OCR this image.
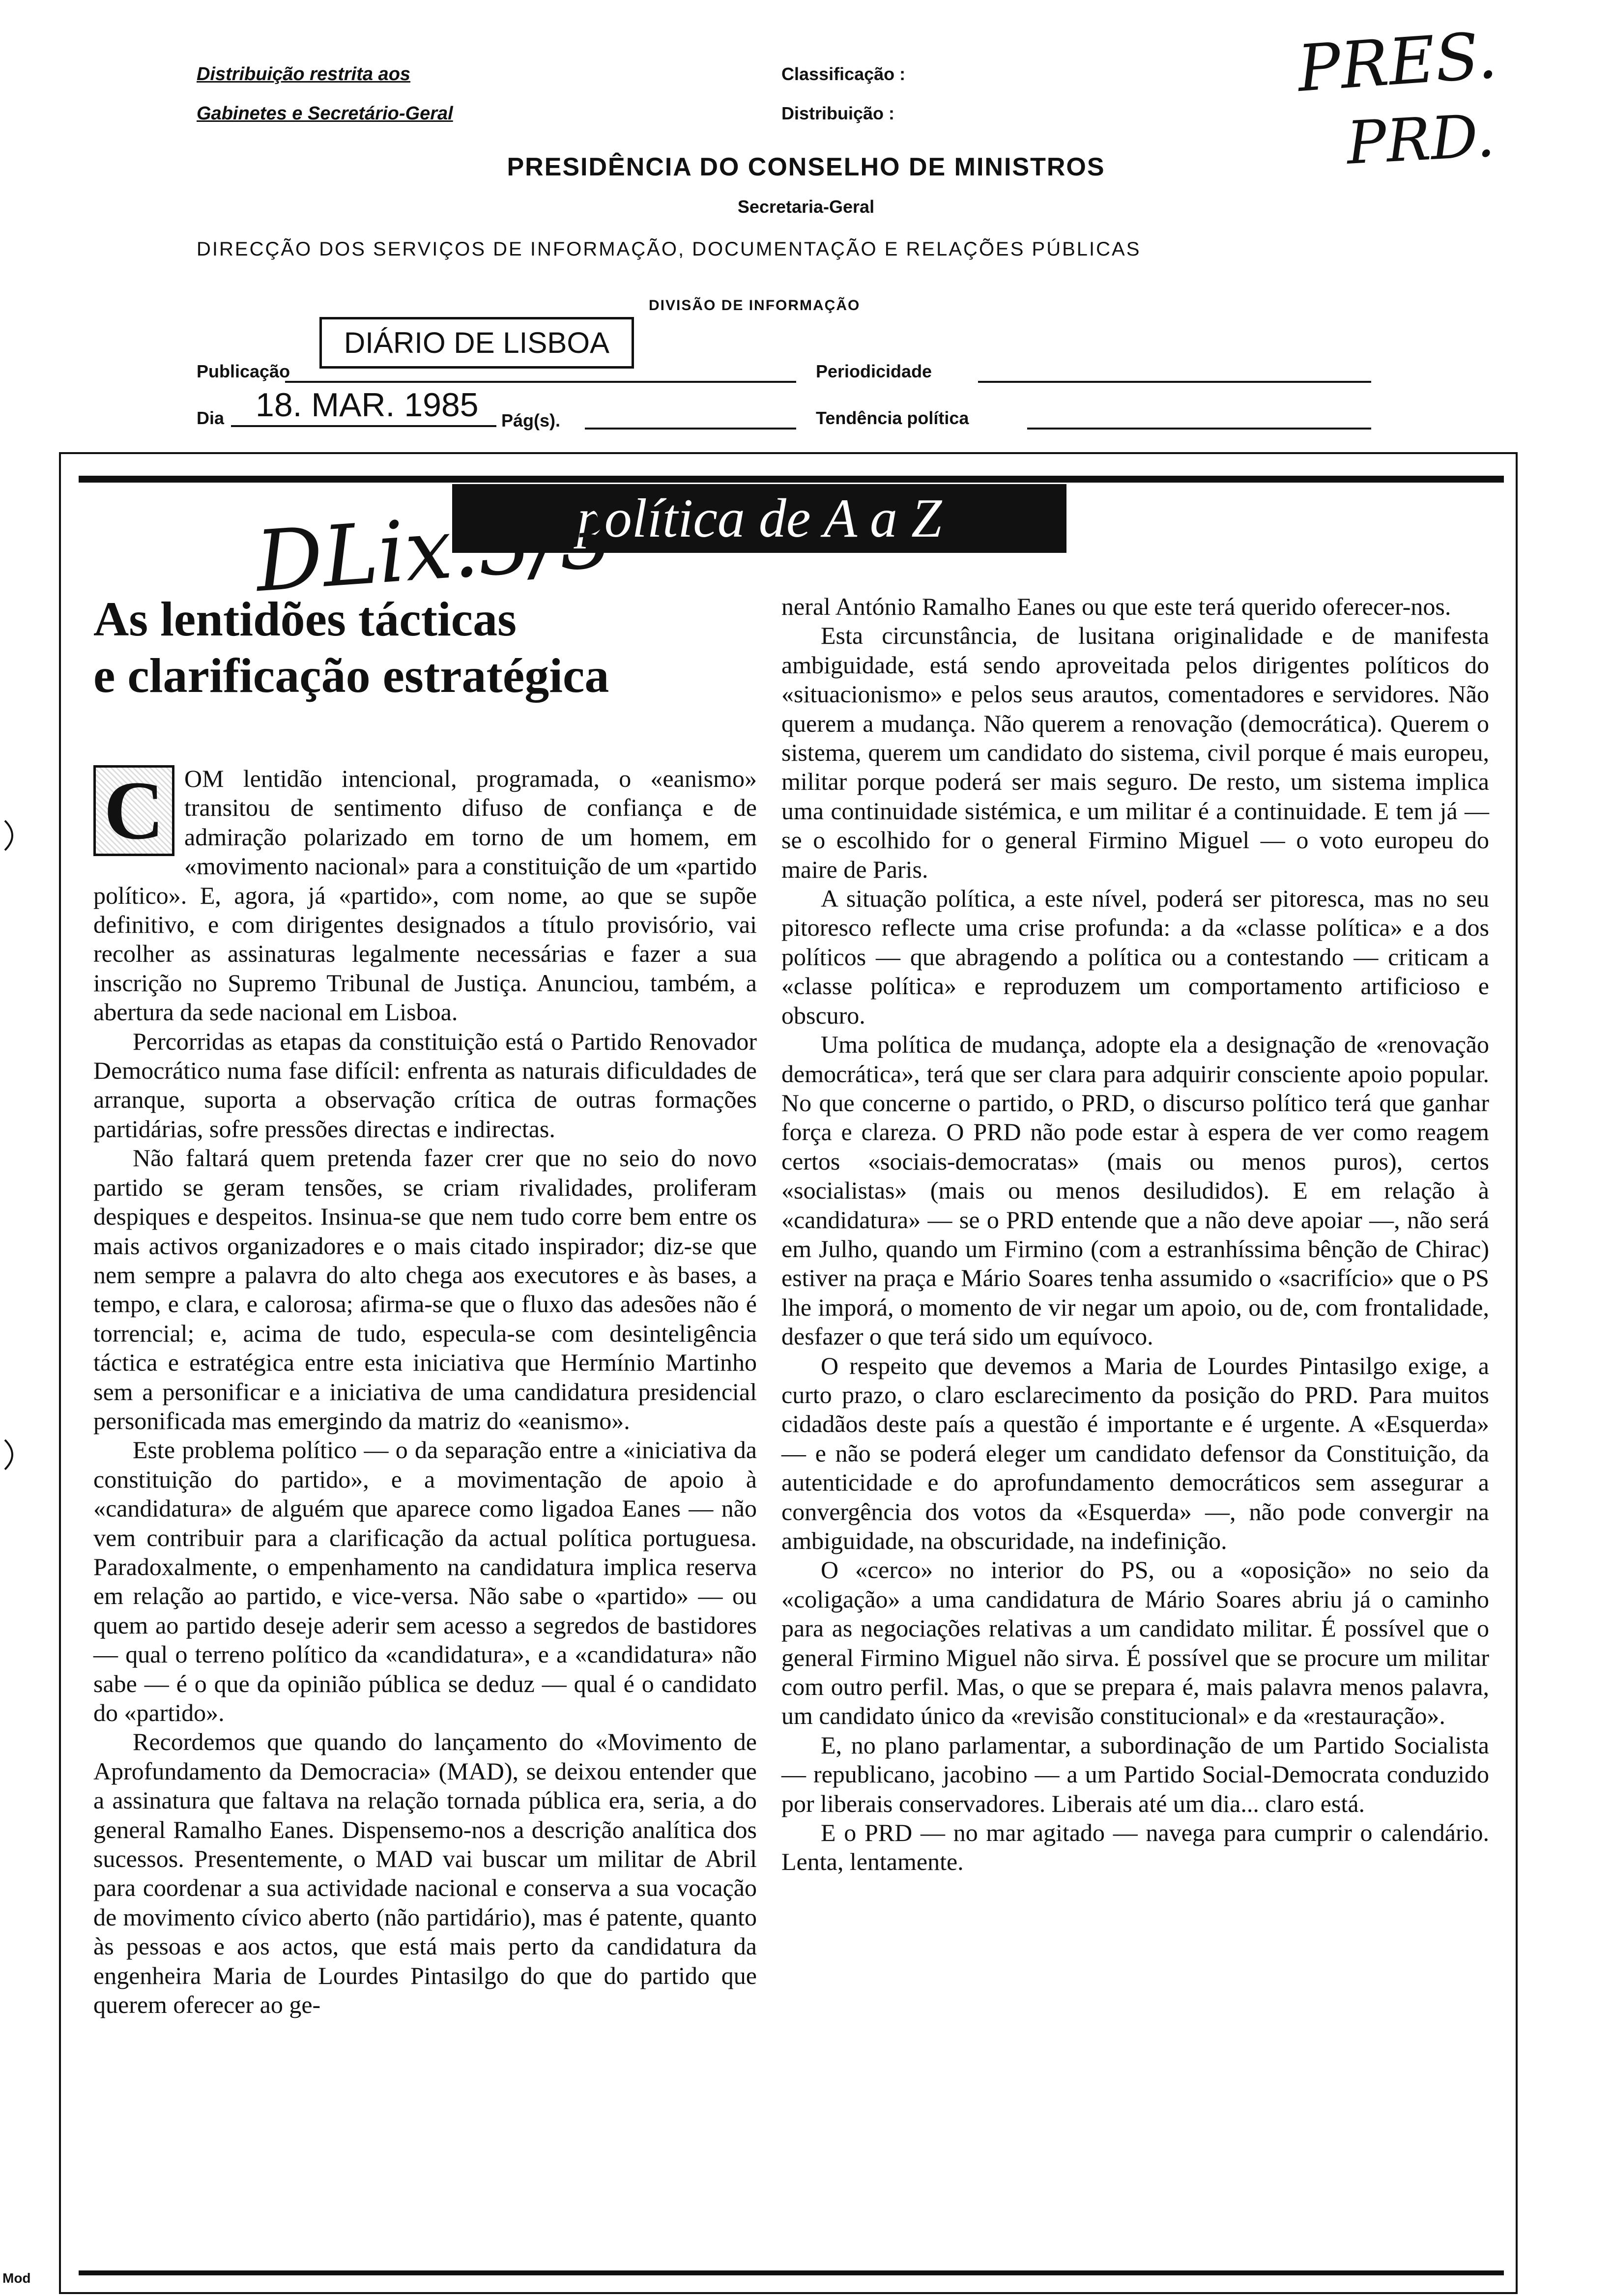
Distribuição restrita aos
Gabinetes e Secretário-Geral
Classificação :
Distribuição :
PRES.
PRD.
PRESIDÊNCIA DO CONSELHO DE MINISTROS
Secretaria-Geral
DIRECÇÃO DOS SERVIÇOS DE INFORMAÇÃO, DOCUMENTAÇÃO E RELAÇÕES PÚBLICAS
DIVISÃO DE INFORMAÇÃO
Publicação
DIÁRIO DE LISBOA
Periodicidade
Dia 18. MAR. 1985 Pág(s).	Tendência política
política de A a Z
DLix.3/3
As lentidões tácticas
e clarificação estratégica

C OM lentidão intencional, programada, o «eanismo» transitou de sentimento difuso de confiança e de admiração polarizado em torno de um homem, em «movimento nacional» para a constituição de um «partido político». E, agora, já «partido», com nome, ao que se supõe definitivo, e com dirigentes designados a título provisório, vai recolher as assinaturas legalmente necessárias e fazer a sua inscrição no Supremo Tribunal de Justiça. Anunciou, também, a abertura da sede nacional em Lisboa.

Percorridas as etapas da constituição está o Partido Renovador Democrático numa fase difícil: enfrenta as naturais dificuldades de arranque, suporta a observação crítica de outras formações partidárias, sofre pressões directas e indirectas.

Não faltará quem pretenda fazer crer que no seio do novo partido se geram tensões, se criam rivalidades, proliferam despiques e despeitos. Insinua-se que nem tudo corre bem entre os mais activos organizadores e o mais citado inspirador; diz-se que nem sempre a palavra do alto chega aos executores e às bases, a tempo, e clara, e calorosa; afirma-se que o fluxo das adesões não é torrencial; e, acima de tudo, especula-se com desinteligência táctica e estratégica entre esta iniciativa que Hermínio Martinho sem a personificar e a iniciativa de uma candidatura presidencial personificada mas emergindo da matriz do «eanismo».

Este problema político — o da separação entre a «iniciativa da constituição do partido», e a movimentação de apoio à «candidatura» de alguém que aparece como ligadoa Eanes — não vem contribuir para a clarificação da actual política portuguesa. Paradoxalmente, o empenhamento na candidatura implica reserva em relação ao partido, e vice-versa. Não sabe o «partido» — ou quem ao partido deseje aderir sem acesso a segredos de bastidores — qual o terreno político da «candidatura», e a «candidatura» não sabe — é o que da opinião pública se deduz — qual é o candidato do «partido».

Recordemos que quando do lançamento do «Movimento de Aprofundamento da Democracia» (MAD), se deixou entender que a assinatura que faltava na relação tornada pública era, seria, a do general Ramalho Eanes. Dispensemo-nos a descrição analítica dos sucessos. Presentemente, o MAD vai buscar um militar de Abril para coordenar a sua actividade nacional e conserva a sua vocação de movimento cívico aberto (não partidário), mas é patente, quanto às pessoas e aos actos, que está mais perto da candidatura da engenheira Maria de Lourdes Pintasilgo do que do partido que querem oferecer ao ge-

neral António Ramalho Eanes ou que este terá querido oferecer-nos.

Esta circunstância, de lusitana originalidade e de manifesta ambiguidade, está sendo aproveitada pelos dirigentes políticos do «situacionismo» e pelos seus arautos, comentadores e servidores. Não querem a mudança. Não querem a renovação (democrática). Querem o sistema, querem um candidato do sistema, civil porque é mais europeu, militar porque poderá ser mais seguro. De resto, um sistema implica uma continuidade sistémica, e um militar é a continuidade. E tem já — se o escolhido for o general Firmino Miguel — o voto europeu do maire de Paris.

A situação política, a este nível, poderá ser pitoresca, mas no seu pitoresco reflecte uma crise profunda: a da «classe política» e a dos políticos — que abragendo a política ou a contestando — criticam a «classe política» e reproduzem um comportamento artificioso e obscuro.

Uma política de mudança, adopte ela a designação de «renovação democrática», terá que ser clara para adquirir consciente apoio popular. No que concerne o partido, o PRD, o discurso político terá que ganhar força e clareza. O PRD não pode estar à espera de ver como reagem certos «sociais-democratas» (mais ou menos puros), certos «socialistas» (mais ou menos desiludidos). E em relação à «candidatura» — se o PRD entende que a não deve apoiar —, não será em Julho, quando um Firmino (com a estranhíssima bênção de Chirac) estiver na praça e Mário Soares tenha assumido o «sacrifício» que o PS lhe imporá, o momento de vir negar um apoio, ou de, com frontalidade, desfazer o que terá sido um equívoco.

O respeito que devemos a Maria de Lourdes Pintasilgo exige, a curto prazo, o claro esclarecimento da posição do PRD. Para muitos cidadãos deste país a questão é importante e é urgente. A «Esquerda» — e não se poderá eleger um candidato defensor da Constituição, da autenticidade e do aprofundamento democráticos sem assegurar a convergência dos votos da «Esquerda» —, não pode convergir na ambiguidade, na obscuridade, na indefinição.

O «cerco» no interior do PS, ou a «oposição» no seio da «coligação» a uma candidatura de Mário Soares abriu já o caminho para as negociações relativas a um candidato militar. É possível que o general Firmino Miguel não sirva. É possível que se procure um militar com outro perfil. Mas, o que se prepara é, mais palavra menos palavra, um candidato único da «revisão constitucional» e da «restauração».

E, no plano parlamentar, a subordinação de um Partido Socialista — republicano, jacobino — a um Partido Social-Democrata conduzido por liberais conservadores. Liberais até um dia... claro está.

E o PRD — no mar agitado — navega para cumprir o calendário. Lenta, lentamente.

Mod
